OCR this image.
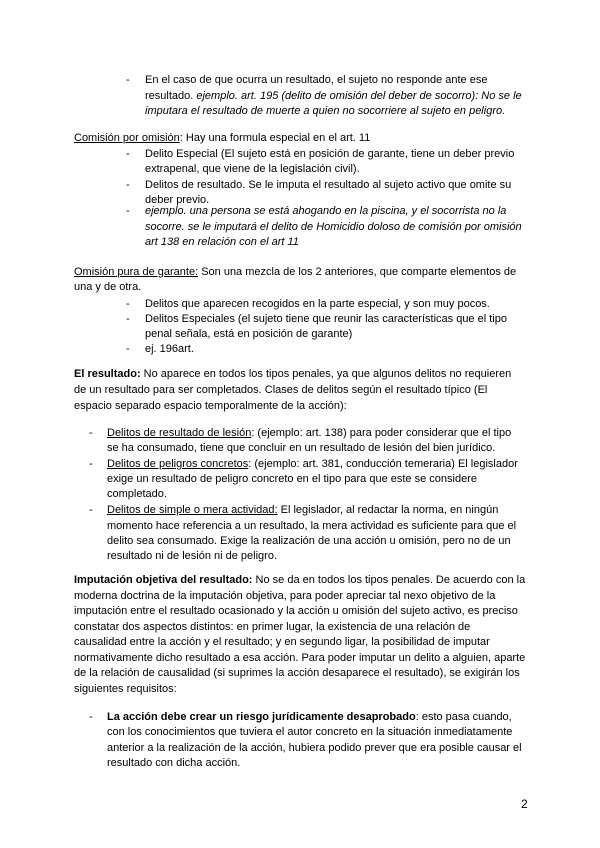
- En el caso de que ocurra un resultado, el sujeto no responde ante ese
resultado. ejemplo. art. 195 (delito de omisión del deber de socorro): No se le
imputara el resultado de muerte a quien no socorriere al sujeto en peligro.
Comisión por omisión: Hay una formula especial en el art. 11
- Delito Especial (El sujeto está en posición de garante, tiene un deber previo
extrapenal, que viene de la legislación civil).
- Delitos de resultado. Se le imputa el resultado al sujeto activo que omite su
deber previo.
- ejemplo. una persona se está ahogando en la piscina, y el socorrista no la
socorre. se le imputará el delito de Homicidio doloso de comisión por omisión
art 138 en relación con el art 11
Omisión pura de garante: Son una mezcla de los 2 anteriores, que comparte elementos de
una y de otra.
- Delitos que aparecen recogidos en la parte especial, y son muy pocos.
- Delitos Especiales (el sujeto tiene que reunir las características que el tipo
penal señala, está en posición de garante)
- ej. 196art.
El resultado: No aparece en todos los tipos penales, ya que algunos delitos no requieren
de un resultado para ser completados. Clases de delitos según el resultado típico (El
espacio separado espacio temporalmente de la acción):
- Delitos de resultado de lesión: (ejemplo: art. 138) para poder considerar que el tipo
se ha consumado, tiene que concluir en un resultado de lesión del bien jurídico.
- Delitos de peligros concretos: (ejemplo: art. 381, conducción temeraria) El legislador
exige un resultado de peligro concreto en el tipo para que este se considere
completado.
- Delitos de simple o mera actividad: El legislador, al redactar la norma, en ningún
momento hace referencia a un resultado, la mera actividad es suficiente para que el
delito sea consumado. Exige la realización de una acción u omisión, pero no de un
resultado ni de lesión ni de peligro.
Imputación objetiva del resultado: No se da en todos los tipos penales. De acuerdo con la
moderna doctrina de la imputación objetiva, para poder apreciar tal nexo objetivo de la
imputación entre el resultado ocasionado y la acción u omisión del sujeto activo, es preciso
constatar dos aspectos distintos: en primer lugar, la existencia de una relación de
causalidad entre la acción y el resultado; y en segundo ligar, la posibilidad de imputar
normativamente dicho resultado a esa acción. Para poder imputar un delito a alguien, aparte
de la relación de causalidad (si suprimes la acción desaparece el resultado), se exigirán los
siguientes requisitos:
- La acción debe crear un riesgo jurídicamente desaprobado: esto pasa cuando,
con los conocimientos que tuviera el autor concreto en la situación inmediatamente
anterior a la realización de la acción, hubiera podido prever que era posible causar el
resultado con dicha acción.
2
